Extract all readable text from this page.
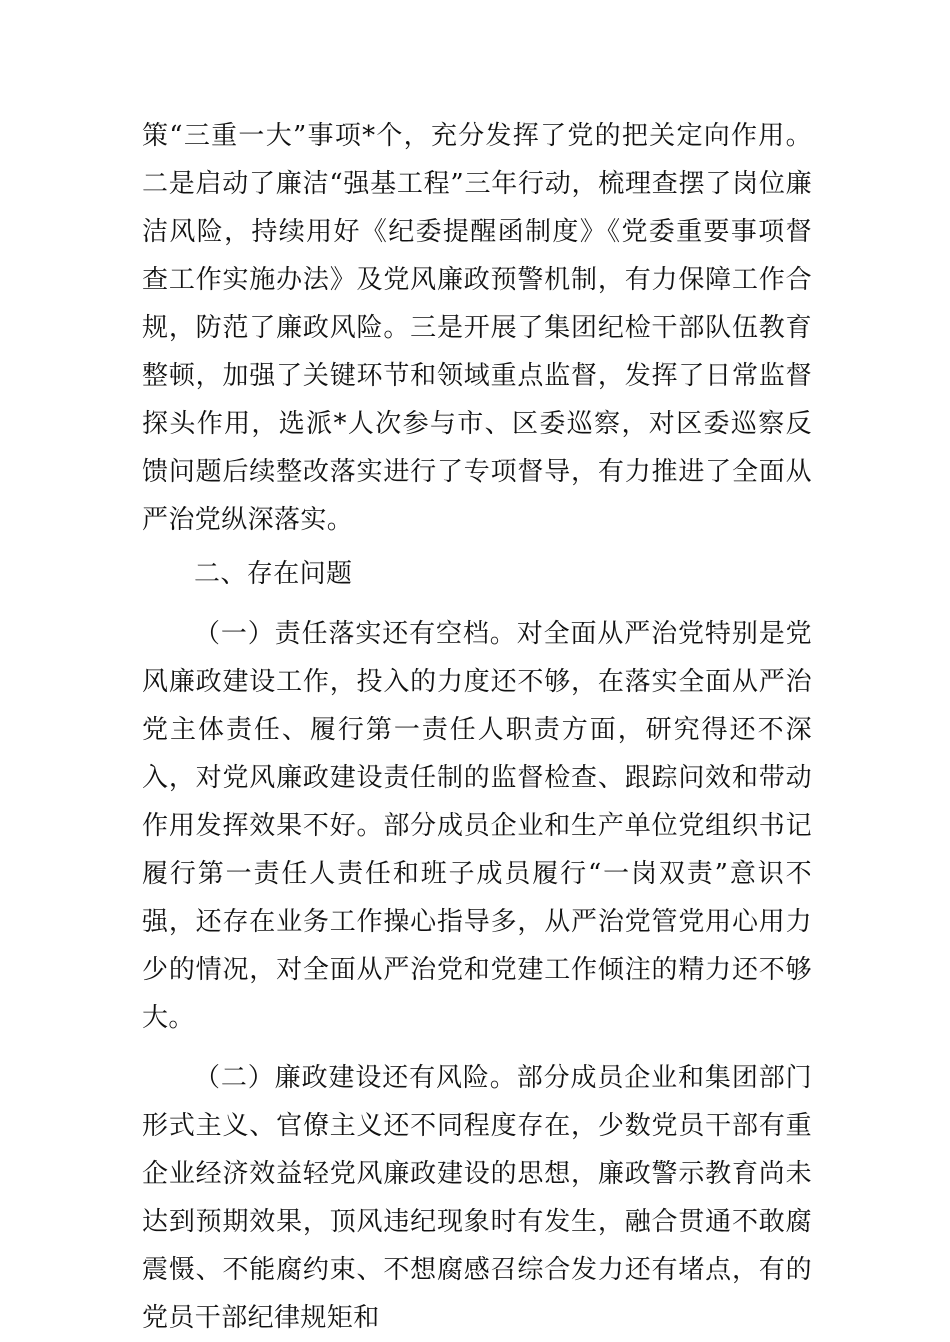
策“三重一大”事项*个，充分发挥了党的把关定向作用。二是启动了廉洁“强基工程”三年行动，梳理查摆了岗位廉洁风险，持续用好《纪委提醒函制度》《党委重要事项督查工作实施办法》及党风廉政预警机制，有力保障工作合规，防范了廉政风险。三是开展了集团纪检干部队伍教育整顿，加强了关键环节和领域重点监督，发挥了日常监督探头作用，选派*人次参与市、区委巡察，对区委巡察反馈问题后续整改落实进行了专项督导，有力推进了全面从严治党纵深落实。

二、存在问题

（一）责任落实还有空档。对全面从严治党特别是党风廉政建设工作，投入的力度还不够，在落实全面从严治党主体责任、履行第一责任人职责方面，研究得还不深入，对党风廉政建设责任制的监督检查、跟踪问效和带动作用发挥效果不好。部分成员企业和生产单位党组织书记履行第一责任人责任和班子成员履行“一岗双责”意识不强，还存在业务工作操心指导多，从严治党管党用心用力少的情况，对全面从严治党和党建工作倾注的精力还不够大。

（二）廉政建设还有风险。部分成员企业和集团部门形式主义、官僚主义还不同程度存在，少数党员干部有重企业经济效益轻党风廉政建设的思想，廉政警示教育尚未达到预期效果，顶风违纪现象时有发生，融合贯通不敢腐震慑、不能腐约束、不想腐感召综合发力还有堵点，有的党员干部纪律规矩和
